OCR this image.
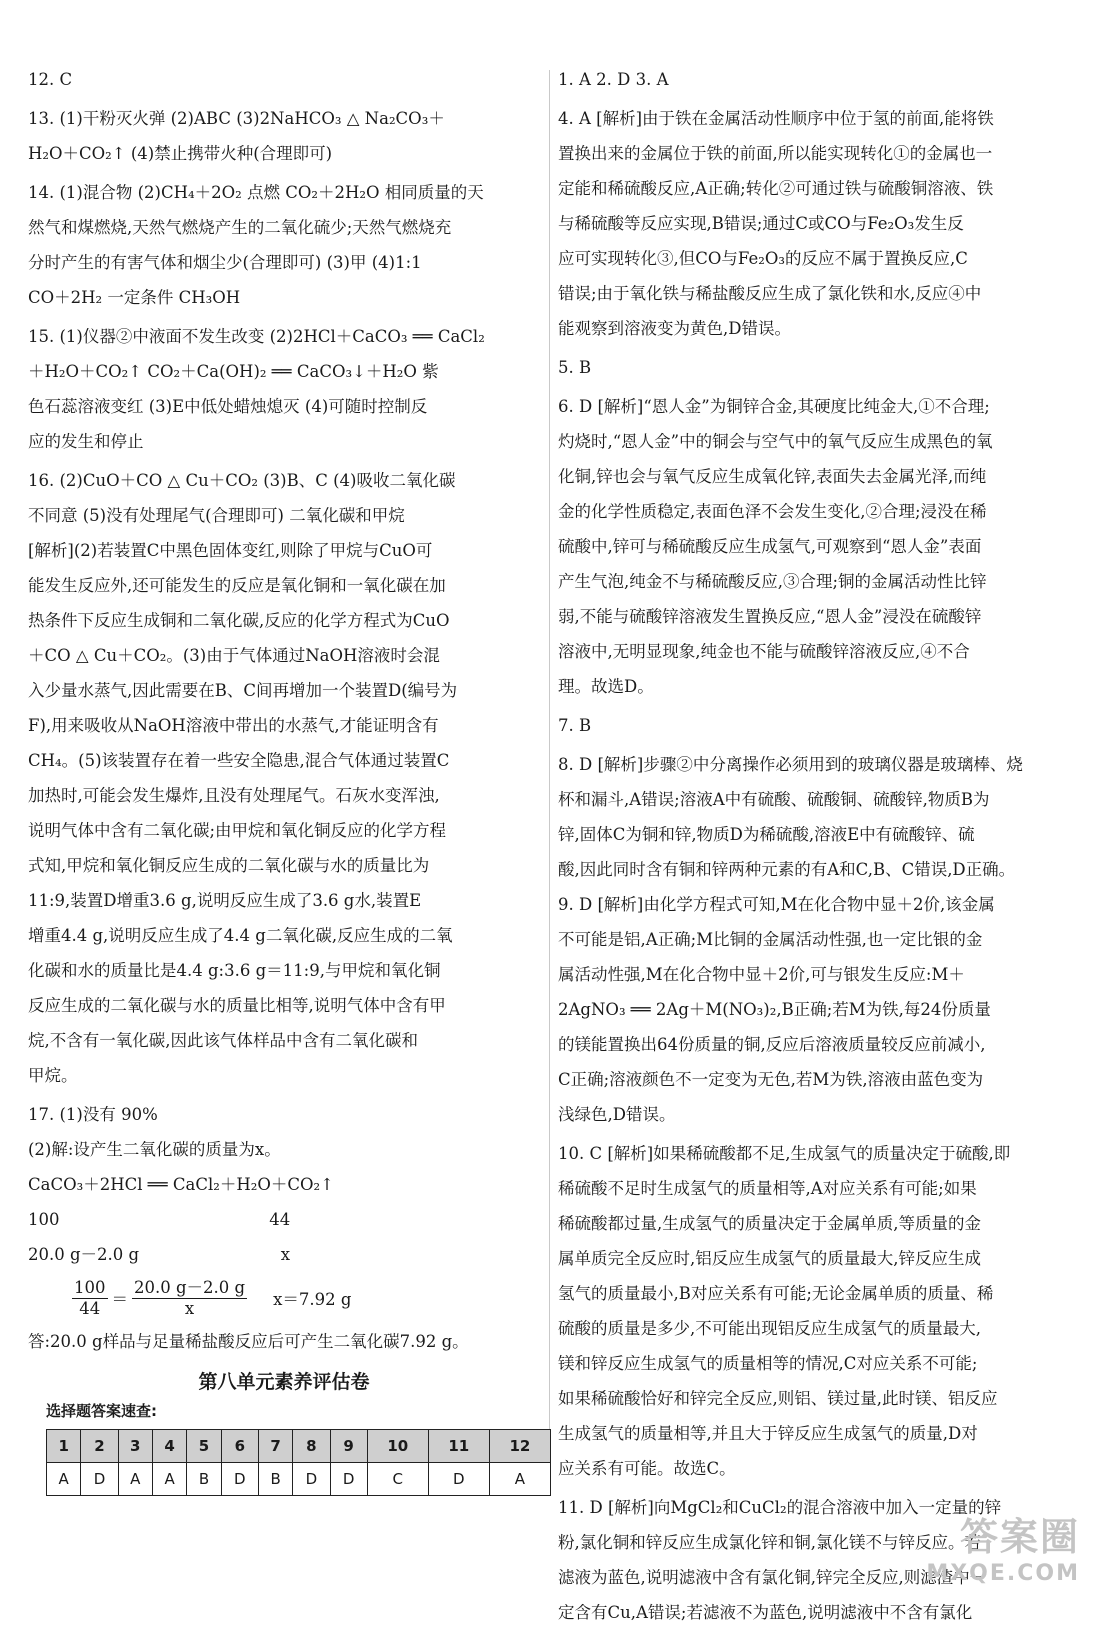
12. C
13. (1)干粉灭火弹 (2)ABC (3)2NaHCO₃ △ Na₂CO₃＋
H₂O＋CO₂↑ (4)禁止携带火种(合理即可)
14. (1)混合物 (2)CH₄＋2O₂ 点燃 CO₂＋2H₂O 相同质量的天
然气和煤燃烧,天然气燃烧产生的二氧化硫少;天然气燃烧充
分时产生的有害气体和烟尘少(合理即可) (3)甲 (4)1:1
CO＋2H₂ 一定条件 CH₃OH
15. (1)仪器②中液面不发生改变 (2)2HCl＋CaCO₃ ══ CaCl₂
＋H₂O＋CO₂↑ CO₂＋Ca(OH)₂ ══ CaCO₃↓＋H₂O 紫
色石蕊溶液变红 (3)E中低处蜡烛熄灭 (4)可随时控制反
应的发生和停止
16. (2)CuO＋CO △ Cu＋CO₂ (3)B、C (4)吸收二氧化碳
不同意 (5)没有处理尾气(合理即可) 二氧化碳和甲烷
[解析](2)若装置C中黑色固体变红,则除了甲烷与CuO可
能发生反应外,还可能发生的反应是氧化铜和一氧化碳在加
热条件下反应生成铜和二氧化碳,反应的化学方程式为CuO
＋CO △ Cu＋CO₂。(3)由于气体通过NaOH溶液时会混
入少量水蒸气,因此需要在B、C间再增加一个装置D(编号为
F),用来吸收从NaOH溶液中带出的水蒸气,才能证明含有
CH₄。(5)该装置存在着一些安全隐患,混合气体通过装置C
加热时,可能会发生爆炸,且没有处理尾气。石灰水变浑浊,
说明气体中含有二氧化碳;由甲烷和氧化铜反应的化学方程
式知,甲烷和氧化铜反应生成的二氧化碳与水的质量比为
11:9,装置D增重3.6 g,说明反应生成了3.6 g水,装置E
增重4.4 g,说明反应生成了4.4 g二氧化碳,反应生成的二氧
化碳和水的质量比是4.4 g:3.6 g＝11:9,与甲烷和氧化铜
反应生成的二氧化碳与水的质量比相等,说明气体中含有甲
烷,不含有一氧化碳,因此该气体样品中含有二氧化碳和
甲烷。
17. (1)没有 90%
(2)解:设产生二氧化碳的质量为x。
CaCO₃＋2HCl ══ CaCl₂＋H₂O＋CO₂↑
100                                        44
20.0 g－2.0 g                           x
$\frac{100}{44} = \frac{20.0 g-2.0 g}{x} x=7.92$ g
答:20.0 g样品与足量稀盐酸反应后可产生二氧化碳7.92 g。
第八单元素养评估卷
选择题答案速查:
1	2	3	4	5	6	7	8	9	10	11	12
A	D	A	A	B	D	B	D	D	C	D	A
1. A 2. D 3. A
4. A [解析]由于铁在金属活动性顺序中位于氢的前面,能将铁
置换出来的金属位于铁的前面,所以能实现转化①的金属也一
定能和稀硫酸反应,A正确;转化②可通过铁与硫酸铜溶液、铁
与稀硫酸等反应实现,B错误;通过C或CO与Fe₂O₃发生反
应可实现转化③,但CO与Fe₂O₃的反应不属于置换反应,C
错误;由于氧化铁与稀盐酸反应生成了氯化铁和水,反应④中
能观察到溶液变为黄色,D错误。
5. B
6. D [解析]“恩人金”为铜锌合金,其硬度比纯金大,①不合理;
灼烧时,“恩人金”中的铜会与空气中的氧气反应生成黑色的氧
化铜,锌也会与氧气反应生成氧化锌,表面失去金属光泽,而纯
金的化学性质稳定,表面色泽不会发生变化,②合理;浸没在稀
硫酸中,锌可与稀硫酸反应生成氢气,可观察到“恩人金”表面
产生气泡,纯金不与稀硫酸反应,③合理;铜的金属活动性比锌
弱,不能与硫酸锌溶液发生置换反应,“恩人金”浸没在硫酸锌
溶液中,无明显现象,纯金也不能与硫酸锌溶液反应,④不合
理。故选D。
7. B
8. D [解析]步骤②中分离操作必须用到的玻璃仪器是玻璃棒、烧
杯和漏斗,A错误;溶液A中有硫酸、硫酸铜、硫酸锌,物质B为
锌,固体C为铜和锌,物质D为稀硫酸,溶液E中有硫酸锌、硫
酸,因此同时含有铜和锌两种元素的有A和C,B、C错误,D正确。
9. D [解析]由化学方程式可知,M在化合物中显＋2价,该金属
不可能是铝,A正确;M比铜的金属活动性强,也一定比银的金
属活动性强,M在化合物中显＋2价,可与银发生反应:M＋
2AgNO₃ ══ 2Ag＋M(NO₃)₂,B正确;若M为铁,每24份质量
的镁能置换出64份质量的铜,反应后溶液质量较反应前减小,
C正确;溶液颜色不一定变为无色,若M为铁,溶液由蓝色变为
浅绿色,D错误。
10. C [解析]如果稀硫酸都不足,生成氢气的质量决定于硫酸,即
稀硫酸不足时生成氢气的质量相等,A对应关系有可能;如果
稀硫酸都过量,生成氢气的质量决定于金属单质,等质量的金
属单质完全反应时,铝反应生成氢气的质量最大,锌反应生成
氢气的质量最小,B对应关系有可能;无论金属单质的质量、稀
硫酸的质量是多少,不可能出现铝反应生成氢气的质量最大,
镁和锌反应生成氢气的质量相等的情况,C对应关系不可能;
如果稀硫酸恰好和锌完全反应,则铝、镁过量,此时镁、铝反应
生成氢气的质量相等,并且大于锌反应生成氢气的质量,D对
应关系有可能。故选C。
11. D [解析]向MgCl₂和CuCl₂的混合溶液中加入一定量的锌
粉,氯化铜和锌反应生成氯化锌和铜,氯化镁不与锌反应。若
滤液为蓝色,说明滤液中含有氯化铜,锌完全反应,则滤渣中一
定含有Cu,A错误;若滤液不为蓝色,说明滤液中不含有氯化
答案圈
MXQE.COM
